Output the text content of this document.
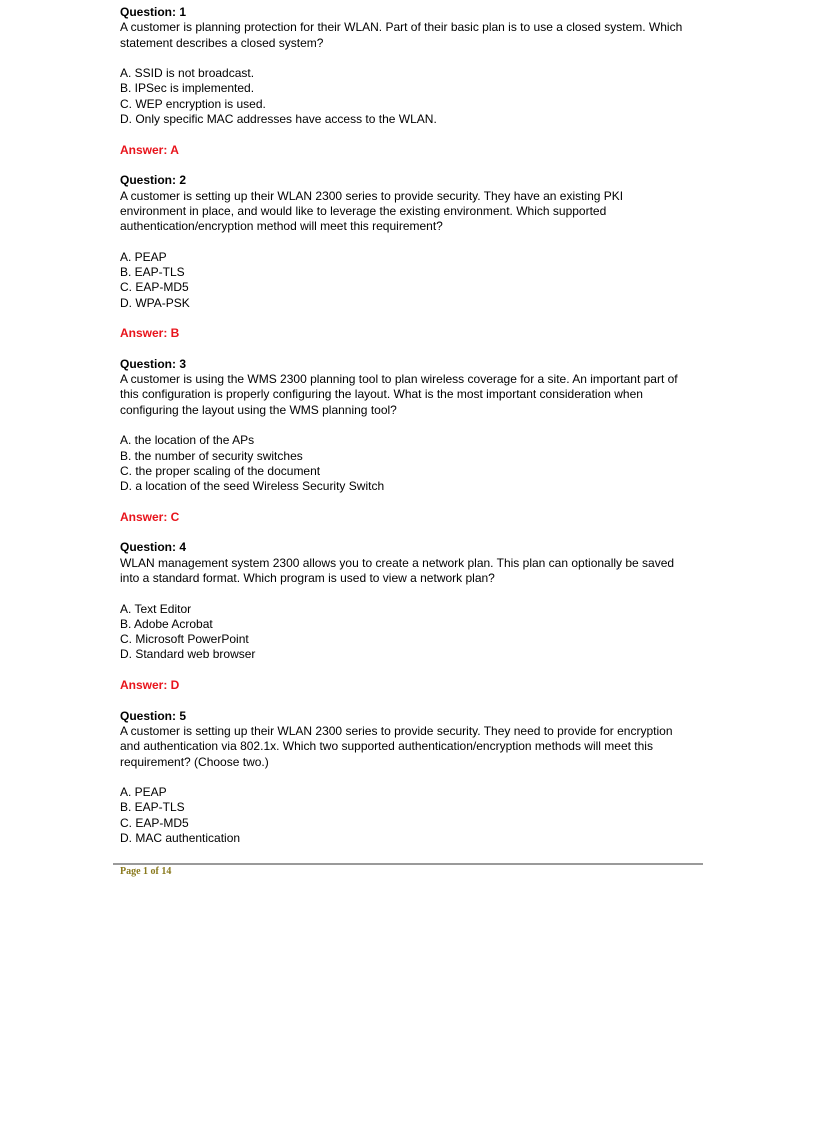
Question: 1
A customer is planning protection for their WLAN. Part of their basic plan is to use a closed system. Which statement describes a closed system?
A. SSID is not broadcast.
B. IPSec is implemented.
C. WEP encryption is used.
D. Only specific MAC addresses have access to the WLAN.
Answer: A
Question: 2
A customer is setting up their WLAN 2300 series to provide security. They have an existing PKI environment in place, and would like to leverage the existing environment. Which supported authentication/encryption method will meet this requirement?
A. PEAP
B. EAP-TLS
C. EAP-MD5
D. WPA-PSK
Answer: B
Question: 3
A customer is using the WMS 2300 planning tool to plan wireless coverage for a site. An important part of this configuration is properly configuring the layout. What is the most important consideration when configuring the layout using the WMS planning tool?
A. the location of the APs
B. the number of security switches
C. the proper scaling of the document
D. a location of the seed Wireless Security Switch
Answer: C
Question: 4
WLAN management system 2300 allows you to create a network plan. This plan can optionally be saved into a standard format. Which program is used to view a network plan?
A. Text Editor
B. Adobe Acrobat
C. Microsoft PowerPoint
D. Standard web browser
Answer: D
Question: 5
A customer is setting up their WLAN 2300 series to provide security. They need to provide for encryption and authentication via 802.1x. Which two supported authentication/encryption methods will meet this requirement? (Choose two.)
A. PEAP
B. EAP-TLS
C. EAP-MD5
D. MAC authentication
Page 1 of 14
